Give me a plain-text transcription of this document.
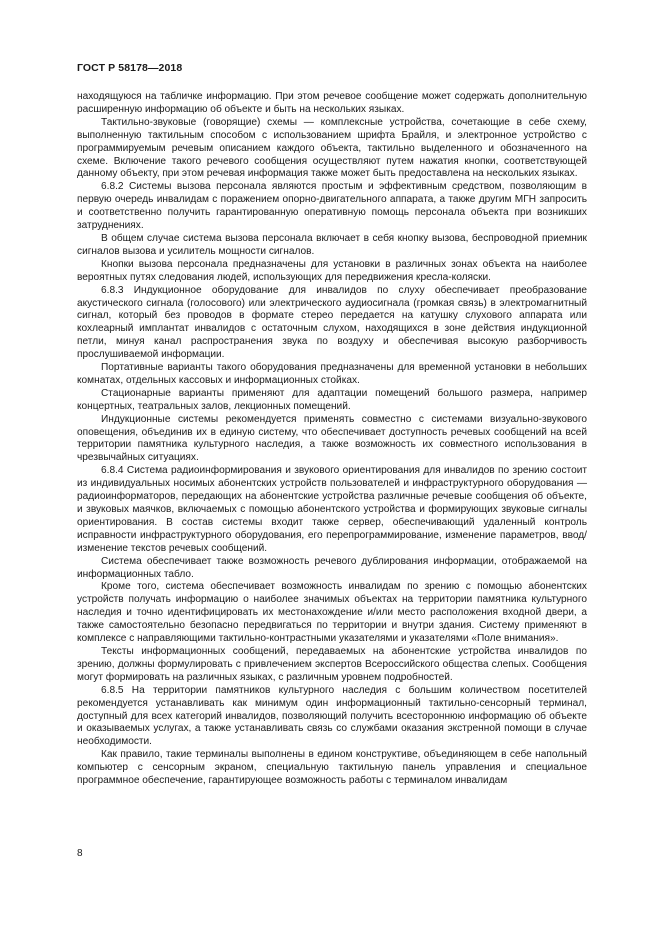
ГОСТ Р 58178—2018

находящуюся на табличке информацию. При этом речевое сообщение может содержать дополнительную расширенную информацию об объекте и быть на нескольких языках.

Тактильно-звуковые (говорящие) схемы — комплексные устройства, сочетающие в себе схему, выполненную тактильным способом с использованием шрифта Брайля, и электронное устройство с программируемым речевым описанием каждого объекта, тактильно выделенного и обозначенного на схеме. Включение такого речевого сообщения осуществляют путем нажатия кнопки, соответствующей данному объекту, при этом речевая информация также может быть предоставлена на нескольких языках.

6.8.2 Системы вызова персонала являются простым и эффективным средством, позволяющим в первую очередь инвалидам с поражением опорно-двигательного аппарата, а также другим МГН запросить и соответственно получить гарантированную оперативную помощь персонала объекта при возникших затруднениях.

В общем случае система вызова персонала включает в себя кнопку вызова, беспроводной приемник сигналов вызова и усилитель мощности сигналов.

Кнопки вызова персонала предназначены для установки в различных зонах объекта на наиболее вероятных путях следования людей, использующих для передвижения кресла-коляски.

6.8.3 Индукционное оборудование для инвалидов по слуху обеспечивает преобразование акустического сигнала (голосового) или электрического аудиосигнала (громкая связь) в электромагнитный сигнал, который без проводов в формате стерео передается на катушку слухового аппарата или кохлеарный имплантат инвалидов с остаточным слухом, находящихся в зоне действия индукционной петли, минуя канал распространения звука по воздуху и обеспечивая высокую разборчивость прослушиваемой информации.

Портативные варианты такого оборудования предназначены для временной установки в небольших комнатах, отдельных кассовых и информационных стойках.

Стационарные варианты применяют для адаптации помещений большого размера, например концертных, театральных залов, лекционных помещений.

Индукционные системы рекомендуется применять совместно с системами визуально-звукового оповещения, объединив их в единую систему, что обеспечивает доступность речевых сообщений на всей территории памятника культурного наследия, а также возможность их совместного использования в чрезвычайных ситуациях.

6.8.4 Система радиоинформирования и звукового ориентирования для инвалидов по зрению состоит из индивидуальных носимых абонентских устройств пользователей и инфраструктурного оборудования — радиоинформаторов, передающих на абонентские устройства различные речевые сообщения об объекте, и звуковых маячков, включаемых с помощью абонентского устройства и формирующих звуковые сигналы ориентирования. В состав системы входит также сервер, обеспечивающий удаленный контроль исправности инфраструктурного оборудования, его перепрограммирование, изменение параметров, ввод/изменение текстов речевых сообщений.

Система обеспечивает также возможность речевого дублирования информации, отображаемой на информационных табло.

Кроме того, система обеспечивает возможность инвалидам по зрению с помощью абонентских устройств получать информацию о наиболее значимых объектах на территории памятника культурного наследия и точно идентифицировать их местонахождение и/или место расположения входной двери, а также самостоятельно безопасно передвигаться по территории и внутри здания. Систему применяют в комплексе с направляющими тактильно-контрастными указателями и указателями «Поле внимания».

Тексты информационных сообщений, передаваемых на абонентские устройства инвалидов по зрению, должны формулировать с привлечением экспертов Всероссийского общества слепых. Сообщения могут формировать на различных языках, с различным уровнем подробностей.

6.8.5 На территории памятников культурного наследия с большим количеством посетителей рекомендуется устанавливать как минимум один информационный тактильно-сенсорный терминал, доступный для всех категорий инвалидов, позволяющий получить всестороннюю информацию об объекте и оказываемых услугах, а также устанавливать связь со службами оказания экстренной помощи в случае необходимости.

Как правило, такие терминалы выполнены в едином конструктиве, объединяющем в себе напольный компьютер с сенсорным экраном, специальную тактильную панель управления и специальное программное обеспечение, гарантирующее возможность работы с терминалом инвалидам

8
